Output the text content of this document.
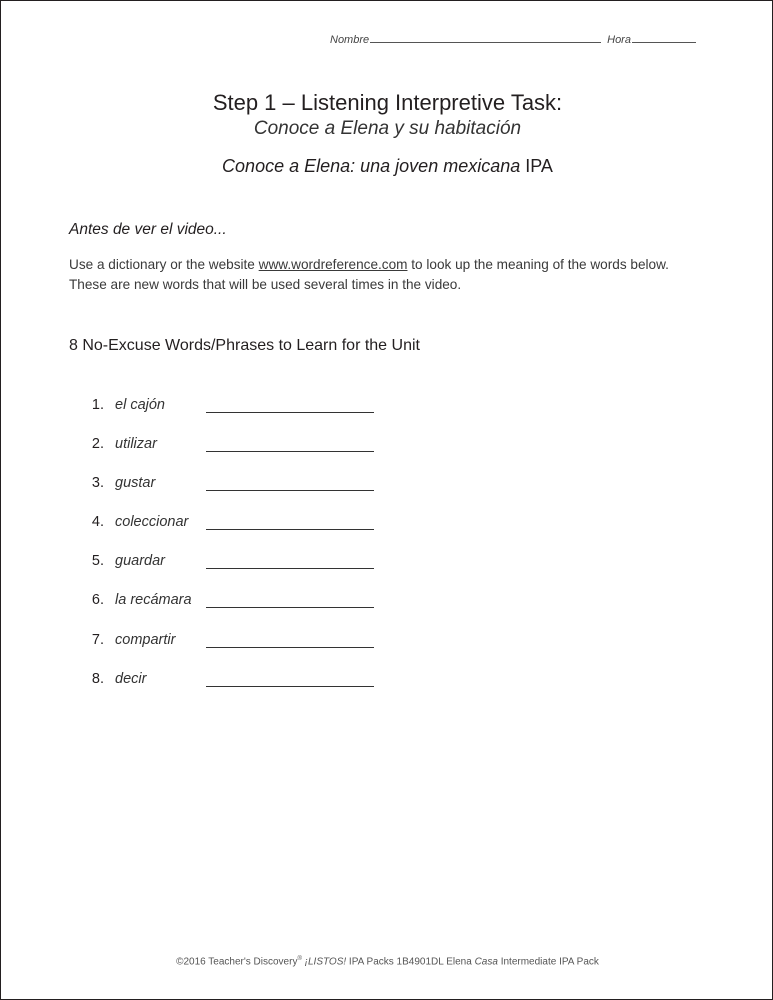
Nombre	Hora
Step 1 – Listening Interpretive Task:
Conoce a Elena y su habitación
Conoce a Elena: una joven mexicana IPA
Antes de ver el video...
Use a dictionary or the website www.wordreference.com to look up the meaning of the words below. These are new words that will be used several times in the video.
8 No-Excuse Words/Phrases to Learn for the Unit
1. el cajón
2. utilizar
3. gustar
4. coleccionar
5. guardar
6. la recámara
7. compartir
8. decir
©2016 Teacher's Discovery® ¡LISTOS! IPA Packs 1B4901DL Elena Casa Intermediate IPA Pack
